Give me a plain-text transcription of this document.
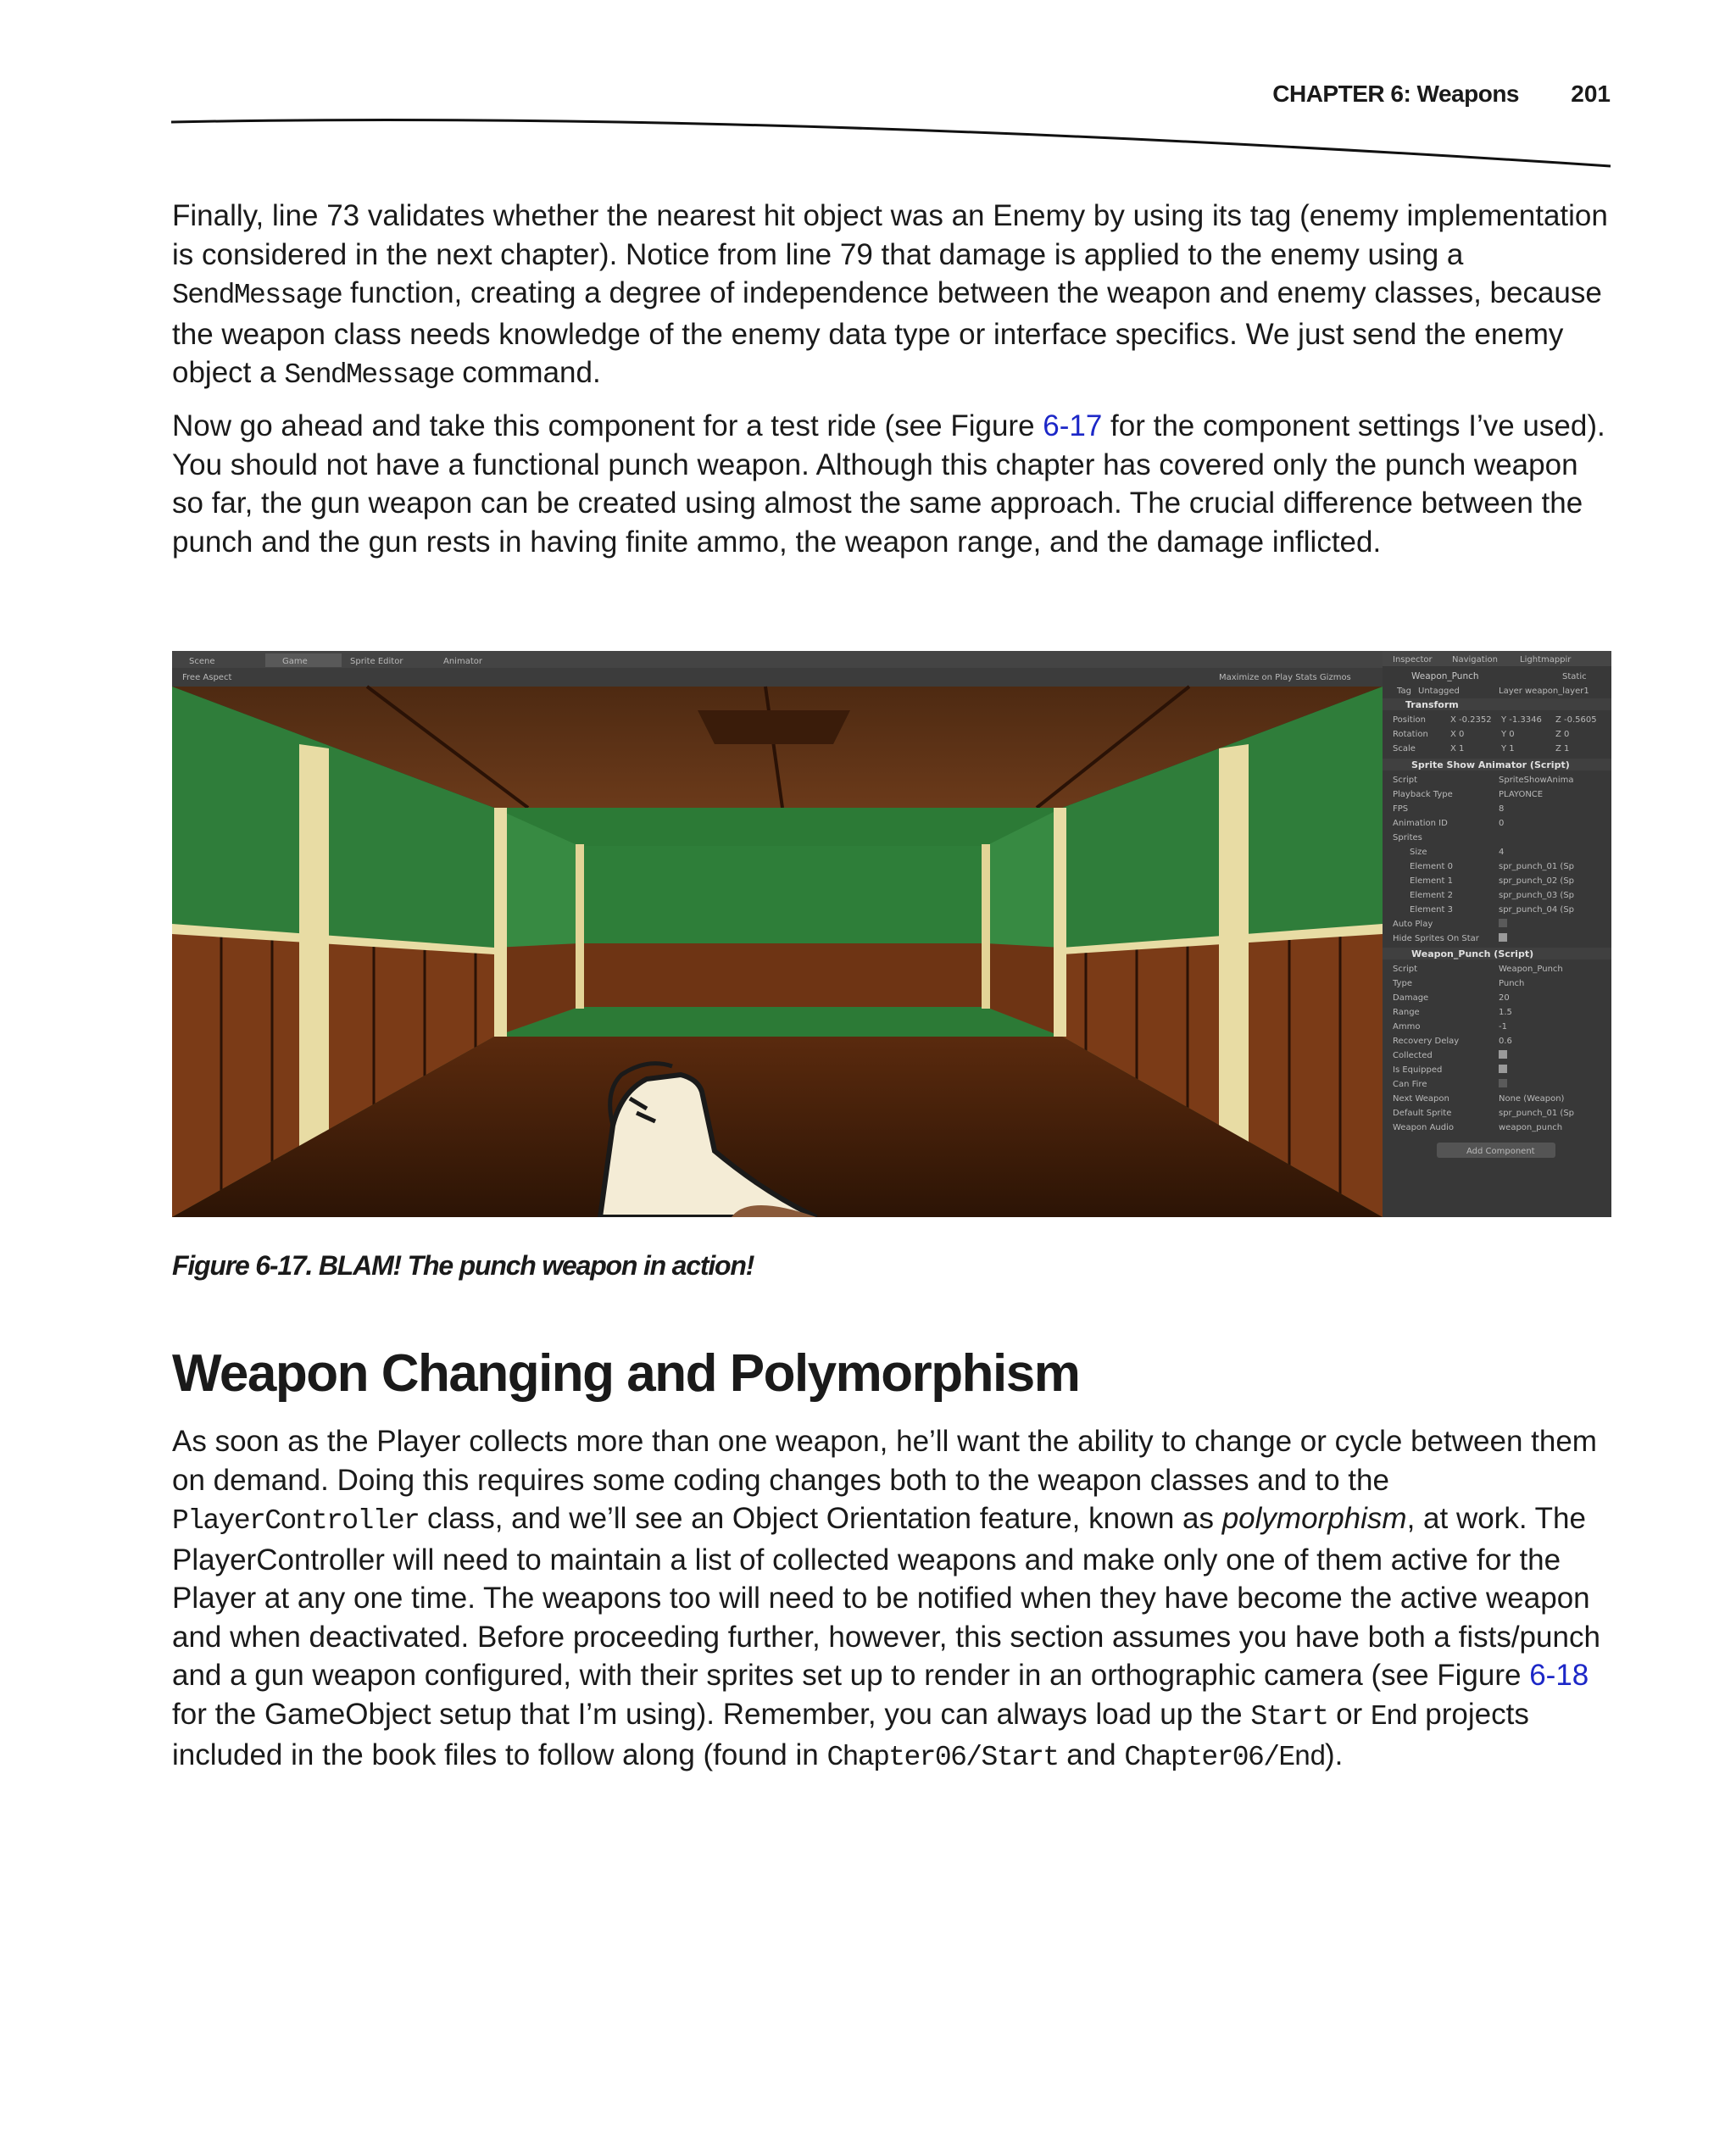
CHAPTER 6: Weapons 201

Finally, line 73 validates whether the nearest hit object was an Enemy by using its tag (enemy implementation is considered in the next chapter). Notice from line 79 that damage is applied to the enemy using a SendMessage function, creating a degree of independence between the weapon and enemy classes, because the weapon class needs knowledge of the enemy data type or interface specifics. We just send the enemy object a SendMessage command.

Now go ahead and take this component for a test ride (see Figure 6-17 for the component settings I’ve used). You should not have a functional punch weapon. Although this chapter has covered only the punch weapon so far, the gun weapon can be created using almost the same approach. The crucial difference between the punch and the gun rests in having finite ammo, the weapon range, and the damage inflicted.

Scene	Game	Sprite Editor	Animator
Free Aspect	Maximize on Play Stats Gizmos
Inspector Navigation	Lightmappir
Weapon_Punch	Static
Tag Untagged	Layer weapon_layer1
Transform
Position	X -0.2352 Y -1.3346 Z -0.5605
Rotation	X 0	Y 0	Z 0
Scale	X 1	Y 1	Z 1
Sprite Show Animator (Script)
Script	SpriteShowAnima
Playback Type	PLAYONCE
FPS	8
Animation ID	0
Sprites
Size	4
Element 0	spr_punch_01 (Sp
Element 1	spr_punch_02 (Sp
Element 2	spr_punch_03 (Sp
Element 3	spr_punch_04 (Sp
Auto Play
Hide Sprites On Star
Weapon_Punch (Script)
Script	Weapon_Punch
Type	Punch
Damage	20
Range	1.5
Ammo	-1
Recovery Delay	0.6
Collected
Is Equipped
Can Fire
Next Weapon	None (Weapon)
Default Sprite	spr_punch_01 (Sp
Weapon Audio	weapon_punch
Add Component

Figure 6-17. BLAM! The punch weapon in action!

Weapon Changing and Polymorphism

As soon as the Player collects more than one weapon, he’ll want the ability to change or cycle between them on demand. Doing this requires some coding changes both to the weapon classes and to the PlayerController class, and we’ll see an Object Orientation feature, known as polymorphism, at work. The PlayerController will need to maintain a list of collected weapons and make only one of them active for the Player at any one time. The weapons too will need to be notified when they have become the active weapon and when deactivated. Before proceeding further, however, this section assumes you have both a fists/punch and a gun weapon configured, with their sprites set up to render in an orthographic camera (see Figure 6-18 for the GameObject setup that I’m using). Remember, you can always load up the Start or End projects included in the book files to follow along (found in Chapter06/Start and Chapter06/End).
